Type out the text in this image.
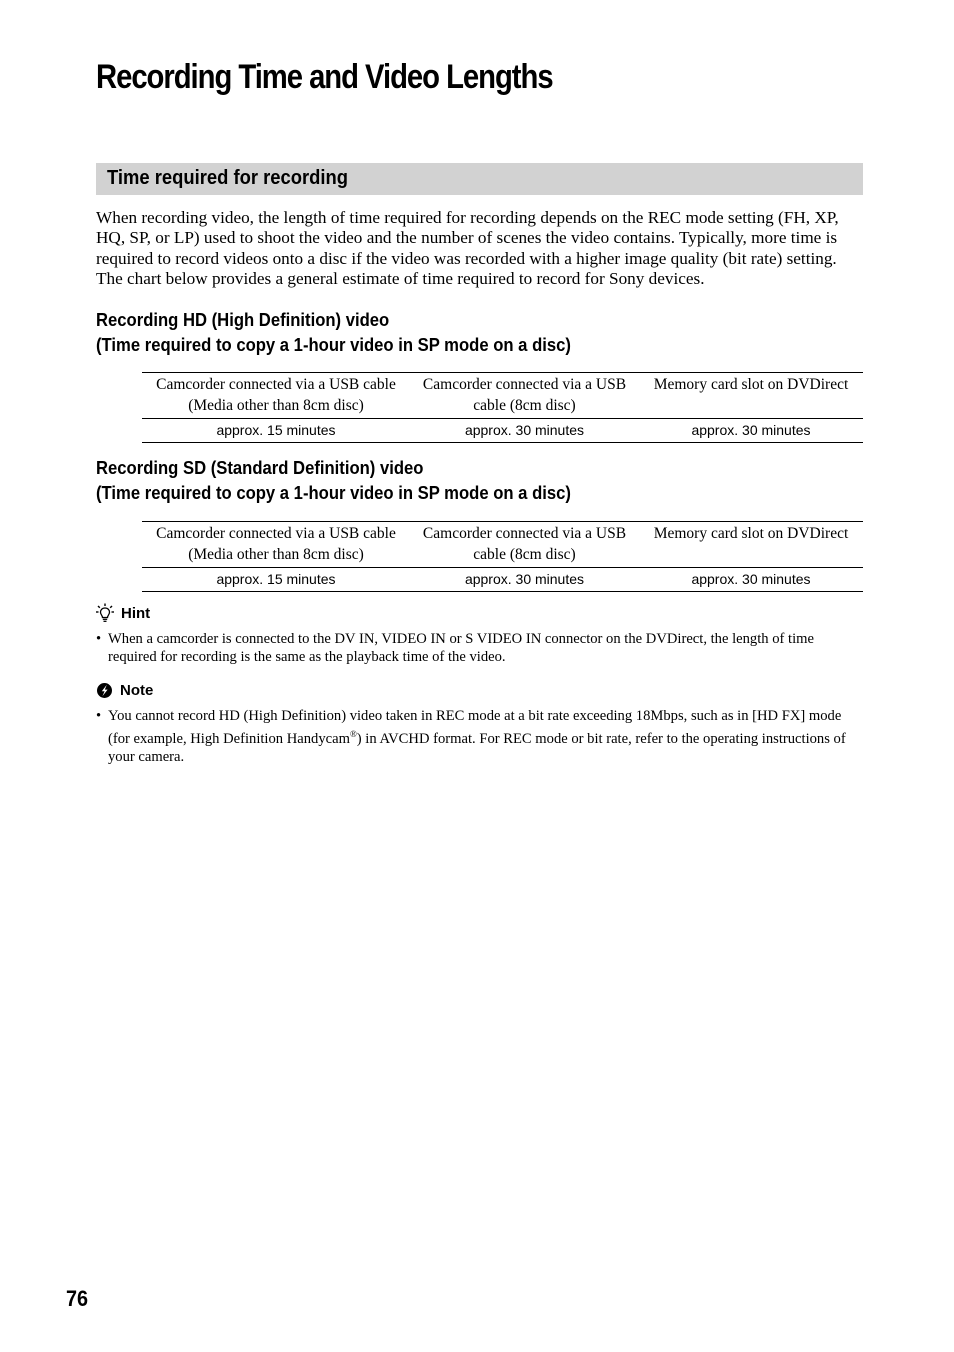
Recording Time and Video Lengths
Time required for recording

When recording video, the length of time required for recording depends on the REC mode setting (FH, XP, HQ, SP, or LP) used to shoot the video and the number of scenes the video contains. Typically, more time is required to record videos onto a disc if the video was recorded with a higher image quality (bit rate) setting. The chart below provides a general estimate of time required to record for Sony devices.

Recording HD (High Definition) video
(Time required to copy a 1-hour video in SP mode on a disc)
Camcorder connected via a USB cable (Media other than 8cm disc)	Camcorder connected via a USB cable (8cm disc)	Memory card slot on DVDirect
approx. 15 minutes	approx. 30 minutes	approx. 30 minutes
Recording SD (Standard Definition) video
(Time required to copy a 1-hour video in SP mode on a disc)
Camcorder connected via a USB cable (Media other than 8cm disc)	Camcorder connected via a USB cable (8cm disc)	Memory card slot on DVDirect
approx. 15 minutes	approx. 30 minutes	approx. 30 minutes
Hint

• When a camcorder is connected to the DV IN, VIDEO IN or S VIDEO IN connector on the DVDirect, the length of time required for recording is the same as the playback time of the video.

Note

• You cannot record HD (High Definition) video taken in REC mode at a bit rate exceeding 18Mbps, such as in [HD FX] mode (for example, High Definition Handycam®) in AVCHD format. For REC mode or bit rate, refer to the operating instructions of your camera.

76
